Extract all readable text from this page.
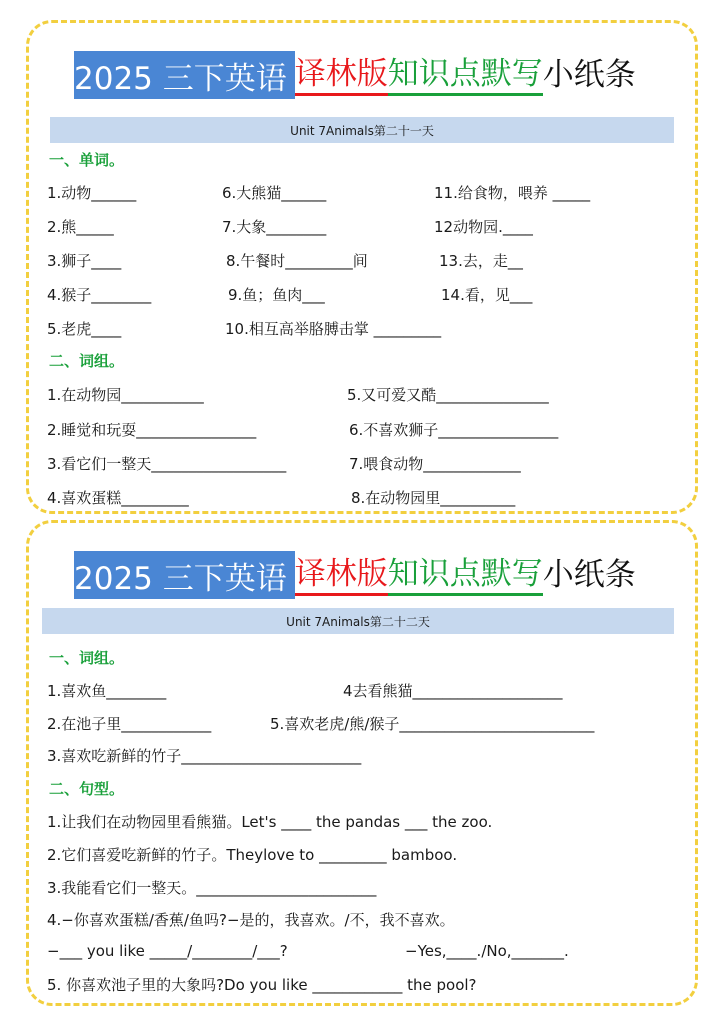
2025 三下英语 译林版 知识点默写 小纸条
Unit 7Animals第二十一天
一、单词。
1.动物______	6.大熊猫______	11.给食物，喂养 _____
2.熊_____	7.大象________	12动物园.____
3.狮子____	8.午餐时_________间	13.去，走__
4.猴子________	9.鱼；鱼肉___	14.看，见___
5.老虎____	10.相互高举胳膊击掌 _________
二、词组。
1.在动物园___________	5.又可爱又酷_______________
2.睡觉和玩耍________________	6.不喜欢狮子________________
3.看它们一整天__________________	7.喂食动物_____________
4.喜欢蛋糕_________	8.在动物园里__________
2025 三下英语 译林版 知识点默写 小纸条
Unit 7Animals第二十二天
一、词组。
1.喜欢鱼________	4去看熊猫____________________
2.在池子里____________	5.喜欢老虎/熊/猴子__________________________
3.喜欢吃新鲜的竹子________________________
二、句型。
1.让我们在动物园里看熊猫。Let's ____ the pandas ___ the zoo.
2.它们喜爱吃新鲜的竹子。Theylove to _________ bamboo.
3.我能看它们一整天。________________________
4.−你喜欢蛋糕/香蕉/鱼吗?−是的，我喜欢。/不，我不喜欢。
−___ you like _____/________/___?	−Yes,____./No,_______.
5. 你喜欢池子里的大象吗?Do you like ____________ the pool?
